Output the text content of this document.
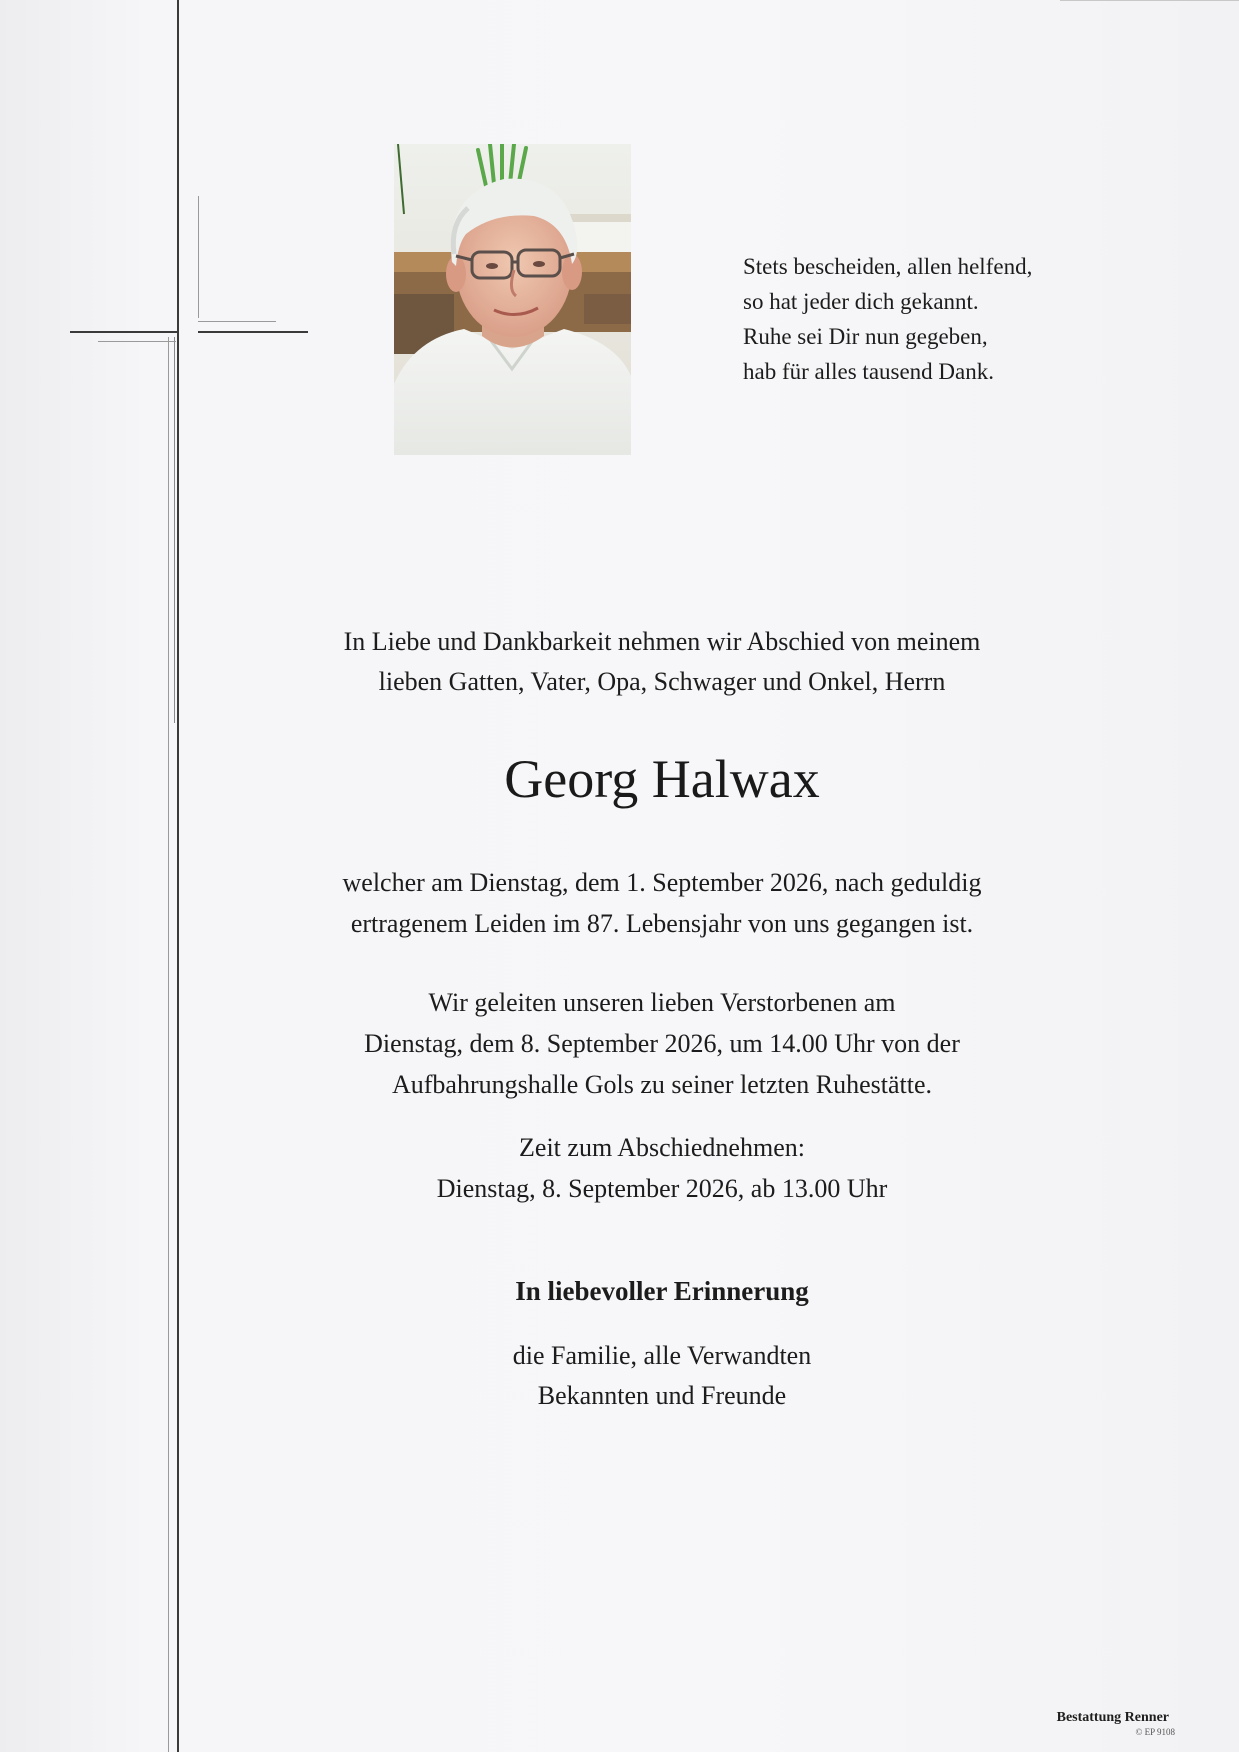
Stets bescheiden, allen helfend,
so hat jeder dich gekannt.
Ruhe sei Dir nun gegeben,
hab für alles tausend Dank.
In Liebe und Dankbarkeit nehmen wir Abschied von meinem
lieben Gatten, Vater, Opa, Schwager und Onkel, Herrn
Georg Halwax
welcher am Dienstag, dem 1. September 2026, nach geduldig
ertragenem Leiden im 87. Lebensjahr von uns gegangen ist.
Wir geleiten unseren lieben Verstorbenen am
Dienstag, dem 8. September 2026, um 14.00 Uhr von der
Aufbahrungshalle Gols zu seiner letzten Ruhestätte.
Zeit zum Abschiednehmen:
Dienstag, 8. September 2026, ab 13.00 Uhr
In liebevoller Erinnerung
die Familie, alle Verwandten
Bekannten und Freunde
Bestattung Renner
© EP 9108
